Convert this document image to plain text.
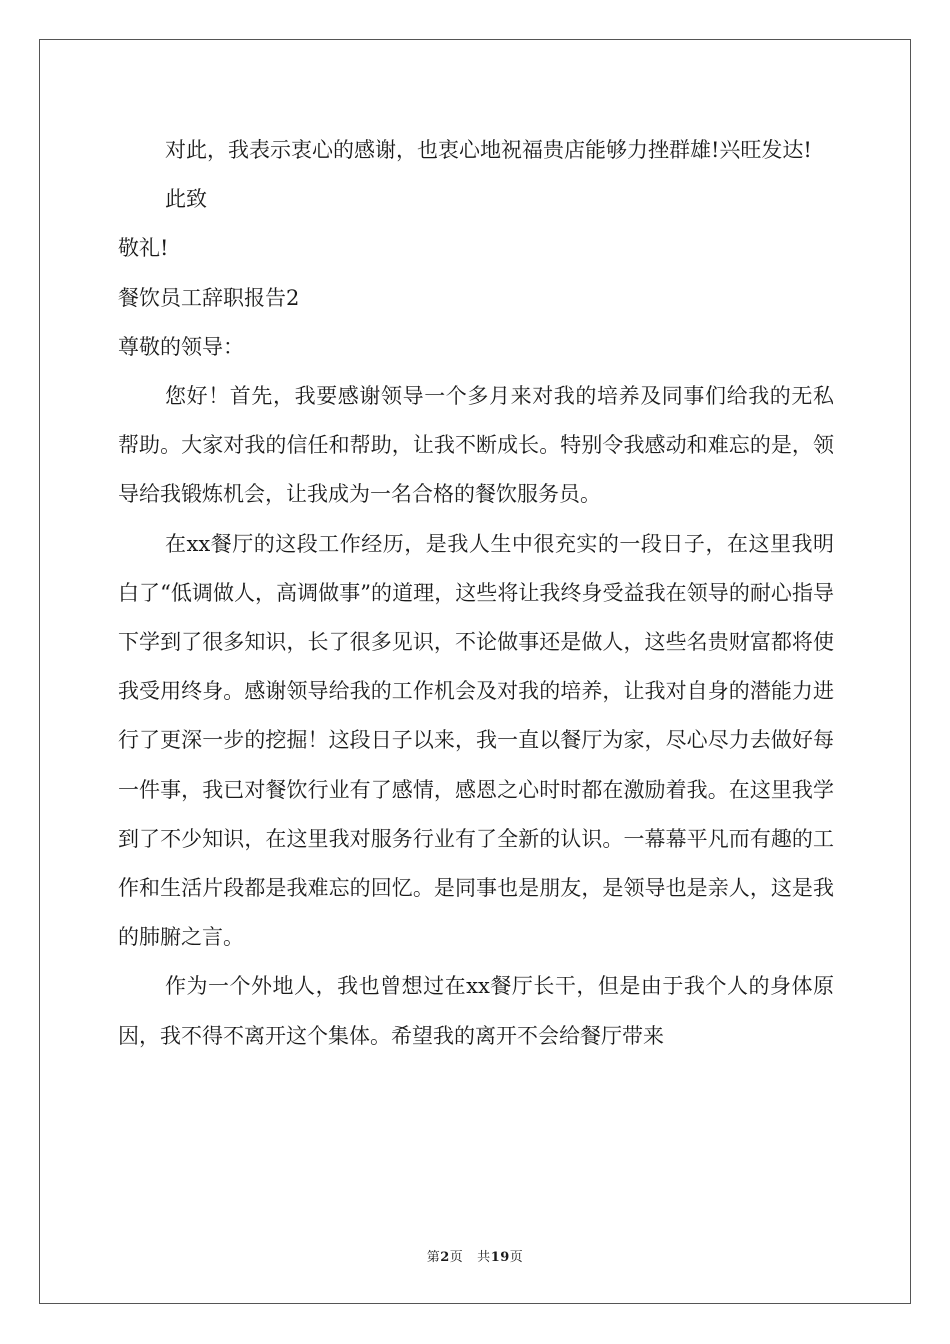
对此，我表示衷心的感谢，也衷心地祝福贵店能够力挫群雄!兴旺发达!

此致

敬礼!

餐饮员工辞职报告2

尊敬的领导：

您好！首先，我要感谢领导一个多月来对我的培养及同事们给我的无私帮助。大家对我的信任和帮助，让我不断成长。特别令我感动和难忘的是，领导给我锻炼机会，让我成为一名合格的餐饮服务员。

在xx餐厅的这段工作经历，是我人生中很充实的一段日子，在这里我明白了“低调做人，高调做事”的道理，这些将让我终身受益我在领导的耐心指导下学到了很多知识，长了很多见识，不论做事还是做人，这些名贵财富都将使我受用终身。感谢领导给我的工作机会及对我的培养，让我对自身的潜能力进行了更深一步的挖掘！这段日子以来，我一直以餐厅为家，尽心尽力去做好每一件事，我已对餐饮行业有了感情，感恩之心时时都在激励着我。在这里我学到了不少知识，在这里我对服务行业有了全新的认识。一幕幕平凡而有趣的工作和生活片段都是我难忘的回忆。是同事也是朋友，是领导也是亲人，这是我的肺腑之言。

作为一个外地人，我也曾想过在xx餐厅长干，但是由于我个人的身体原因，我不得不离开这个集体。希望我的离开不会给餐厅带来

第2页 共19页
